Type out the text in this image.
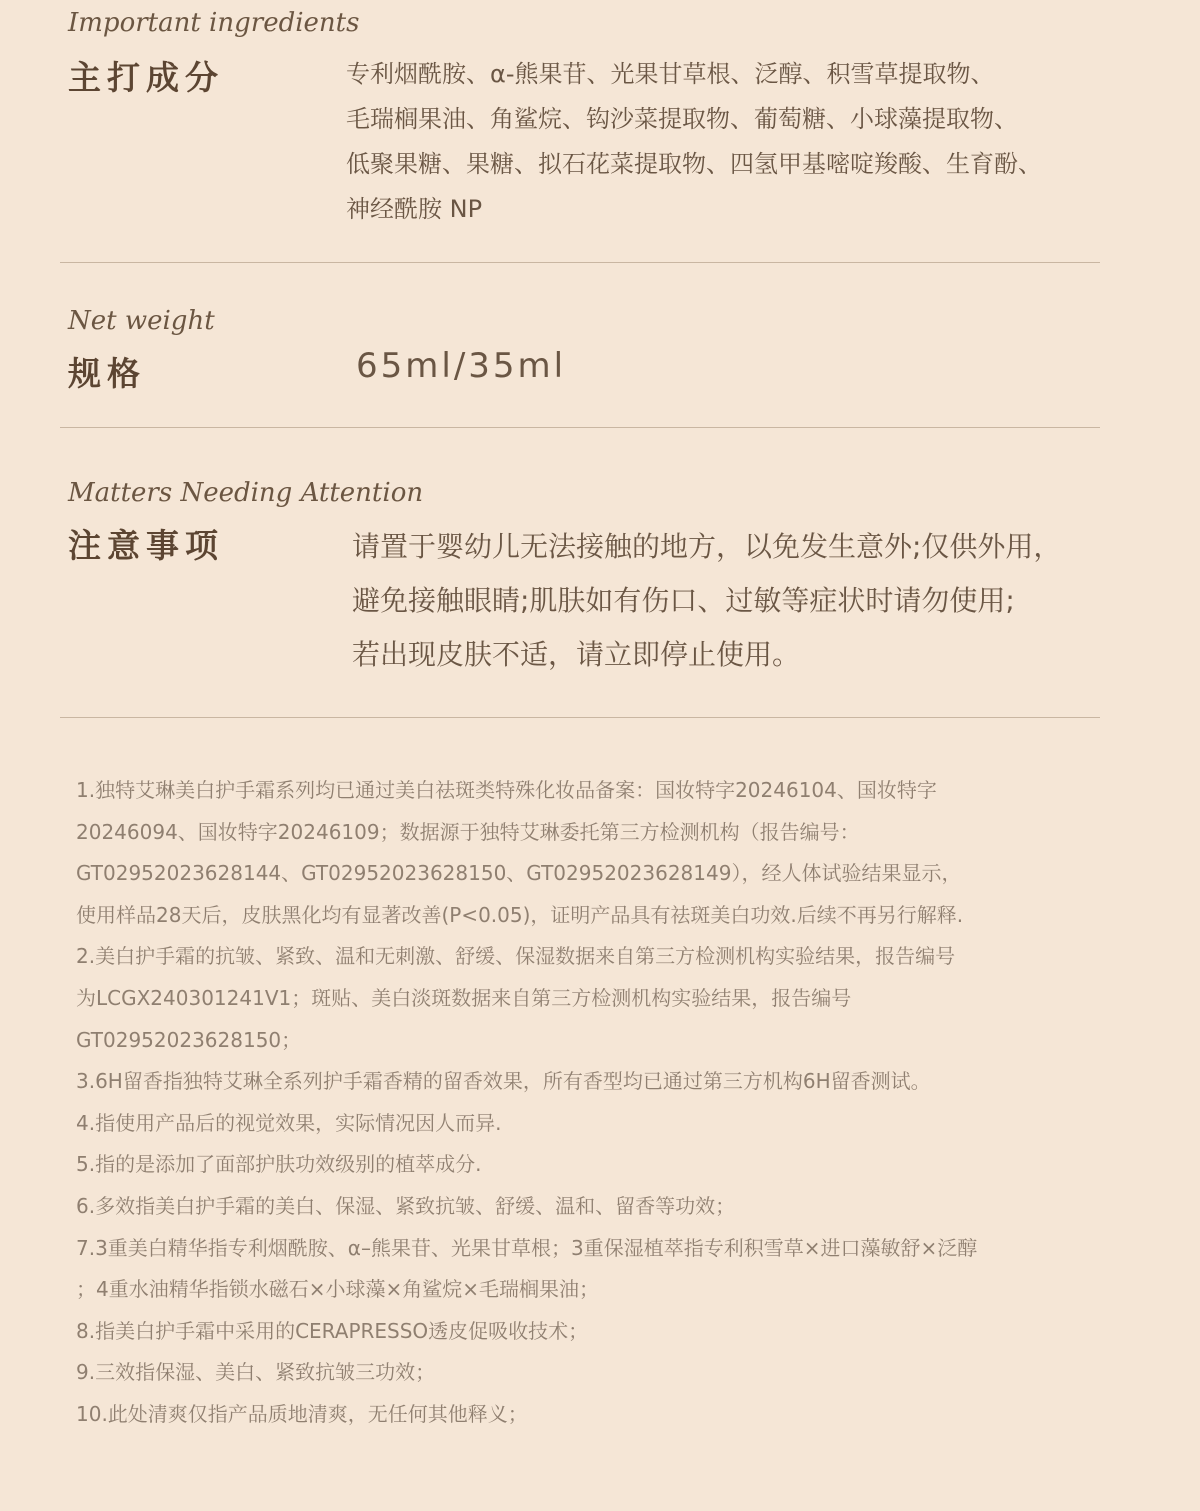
Important ingredients
主打成分	专利烟酰胺、α-熊果苷、光果甘草根、泛醇、积雪草提取物、
毛瑞榈果油、角鲨烷、钩沙菜提取物、葡萄糖、小球藻提取物、
低聚果糖、果糖、拟石花菜提取物、四氢甲基嘧啶羧酸、生育酚、
神经酰胺 NP
Net weight
规格	65ml/35ml
Matters Needing Attention
注意事项	请置于婴幼儿无法接触的地方，以免发生意外;仅供外用，
避免接触眼睛;肌肤如有伤口、过敏等症状时请勿使用;
若出现皮肤不适，请立即停止使用。
1.独特艾琳美白护手霜系列均已通过美白祛斑类特殊化妆品备案：国妆特字20246104、国妆特字
20246094、国妆特字20246109；数据源于独特艾琳委托第三方检测机构（报告编号：
GT02952023628144、GT02952023628150、GT02952023628149），经人体试验结果显示，
使用样品28天后，皮肤黑化均有显著改善(P<0.05)，证明产品具有祛斑美白功效.后续不再另行解释.
2.美白护手霜的抗皱、紧致、温和无刺激、舒缓、保湿数据来自第三方检测机构实验结果，报告编号
为LCGX240301241V1；斑贴、美白淡斑数据来自第三方检测机构实验结果，报告编号
GT02952023628150；
3.6H留香指独特艾琳全系列护手霜香精的留香效果，所有香型均已通过第三方机构6H留香测试。
4.指使用产品后的视觉效果，实际情况因人而异.
5.指的是添加了面部护肤功效级别的植萃成分.
6.多效指美白护手霜的美白、保湿、紧致抗皱、舒缓、温和、留香等功效；
7.3重美白精华指专利烟酰胺、α–熊果苷、光果甘草根；3重保湿植萃指专利积雪草×进口藻敏舒×泛醇
；4重水油精华指锁水磁石×小球藻×角鲨烷×毛瑞榈果油；
8.指美白护手霜中采用的CERAPRESSO透皮促吸收技术；
9.三效指保湿、美白、紧致抗皱三功效；
10.此处清爽仅指产品质地清爽，无任何其他释义；
